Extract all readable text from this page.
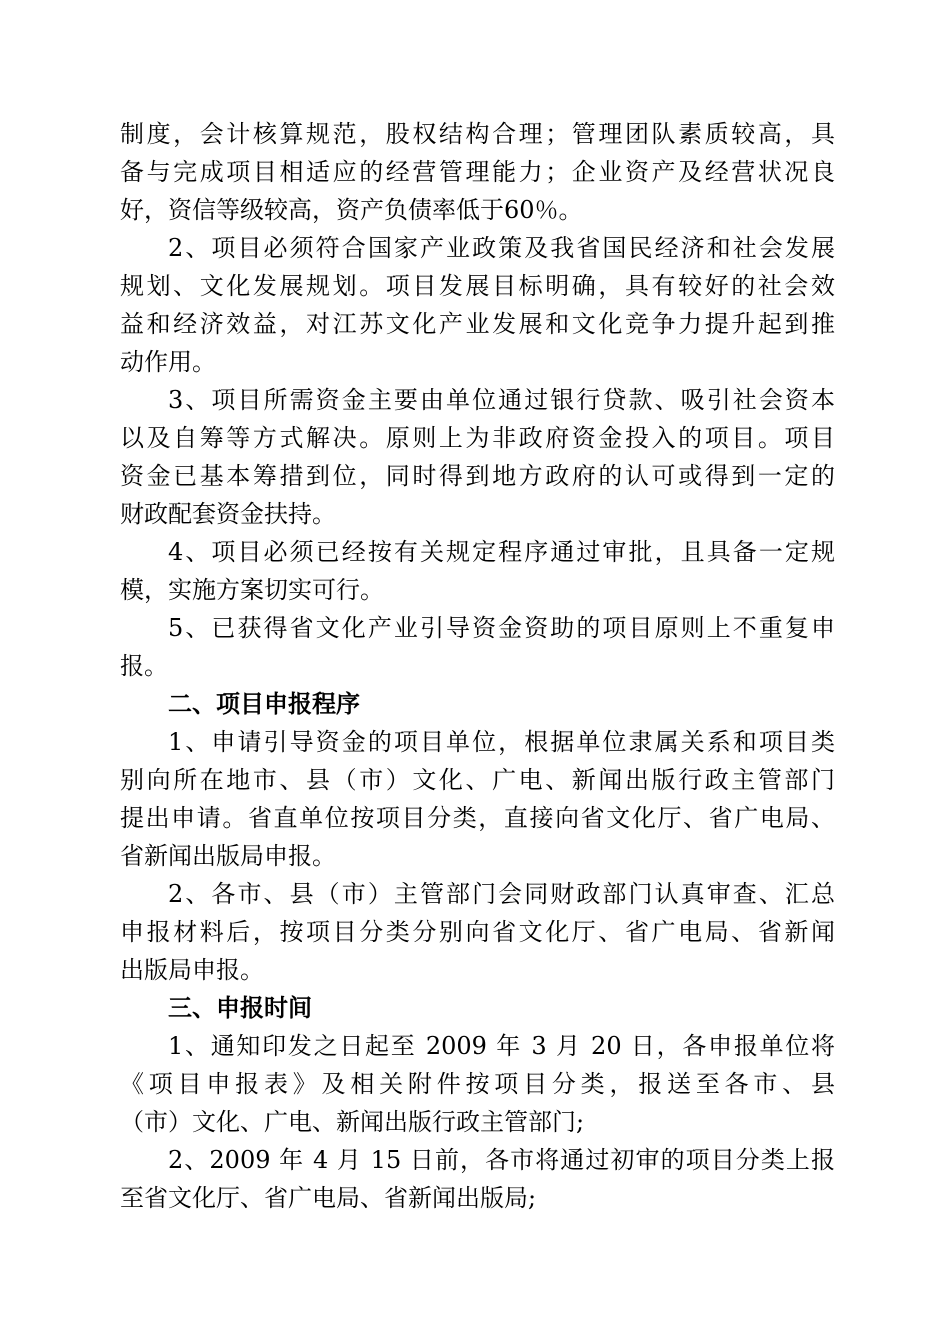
制度，会计核算规范，股权结构合理；管理团队素质较高，具
备与完成项目相适应的经营管理能力；企业资产及经营状况良
好，资信等级较高，资产负债率低于60％。
2、项目必须符合国家产业政策及我省国民经济和社会发展
规划、文化发展规划。项目发展目标明确，具有较好的社会效
益和经济效益，对江苏文化产业发展和文化竞争力提升起到推
动作用。
3、项目所需资金主要由单位通过银行贷款、吸引社会资本
以及自筹等方式解决。原则上为非政府资金投入的项目。项目
资金已基本筹措到位，同时得到地方政府的认可或得到一定的
财政配套资金扶持。
4、项目必须已经按有关规定程序通过审批，且具备一定规
模，实施方案切实可行。
5、已获得省文化产业引导资金资助的项目原则上不重复申
报。
二、项目申报程序
1、申请引导资金的项目单位，根据单位隶属关系和项目类
别向所在地市、县（市）文化、广电、新闻出版行政主管部门
提出申请。省直单位按项目分类，直接向省文化厅、省广电局、
省新闻出版局申报。
2、各市、县（市）主管部门会同财政部门认真审查、汇总
申报材料后，按项目分类分别向省文化厅、省广电局、省新闻
出版局申报。
三、申报时间
1、通知印发之日起至 2009 年 3 月 20 日，各申报单位将
《项目申报表》及相关附件按项目分类，报送至各市、县
（市）文化、广电、新闻出版行政主管部门;
2、2009 年 4 月 15 日前，各市将通过初审的项目分类上报
至省文化厅、省广电局、省新闻出版局;
